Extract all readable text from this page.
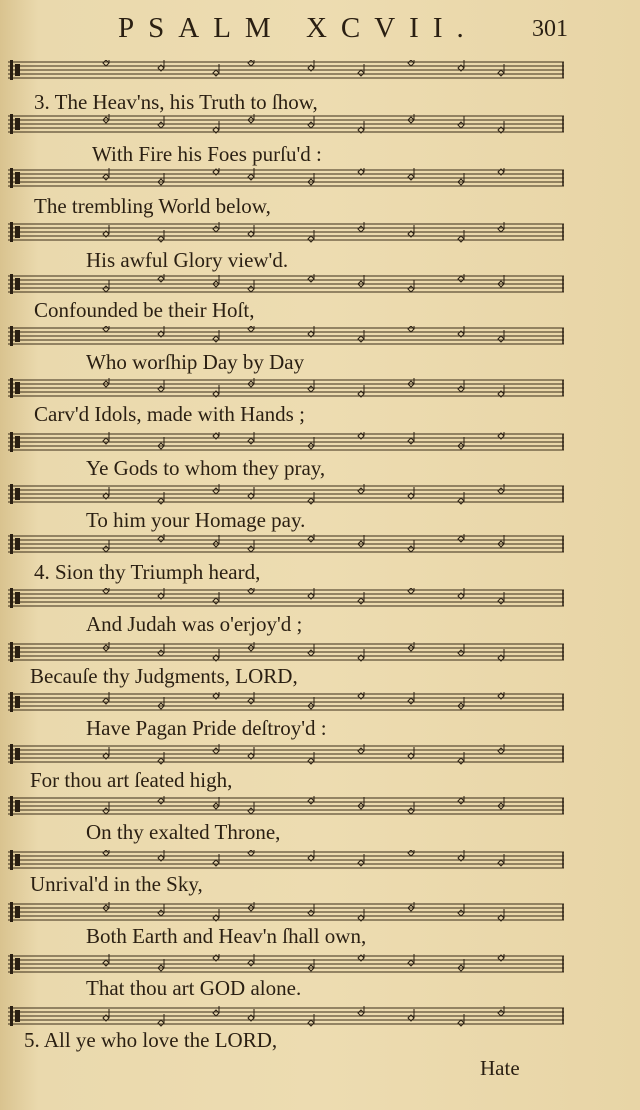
PSALM XCVII. 301
3. The Heav'ns, his Truth to ſhow,
With Fire his Foes purſu'd :
The trembling World below,
His awful Glory view'd.
Confounded be their Hoſt,
Who worſhip Day by Day
Carv'd Idols, made with Hands ;
Ye Gods to whom they pray,
To him your Homage pay.
4. Sion thy Triumph heard,
And Judah was o'erjoy'd ;
Becauſe thy Judgments, LORD,
Have Pagan Pride deſtroy'd :
For thou art ſeated high,
On thy exalted Throne,
Unrival'd in the Sky,
Both Earth and Heav'n ſhall own,
That thou art GOD alone.
5. All ye who love the LORD,
Hate
